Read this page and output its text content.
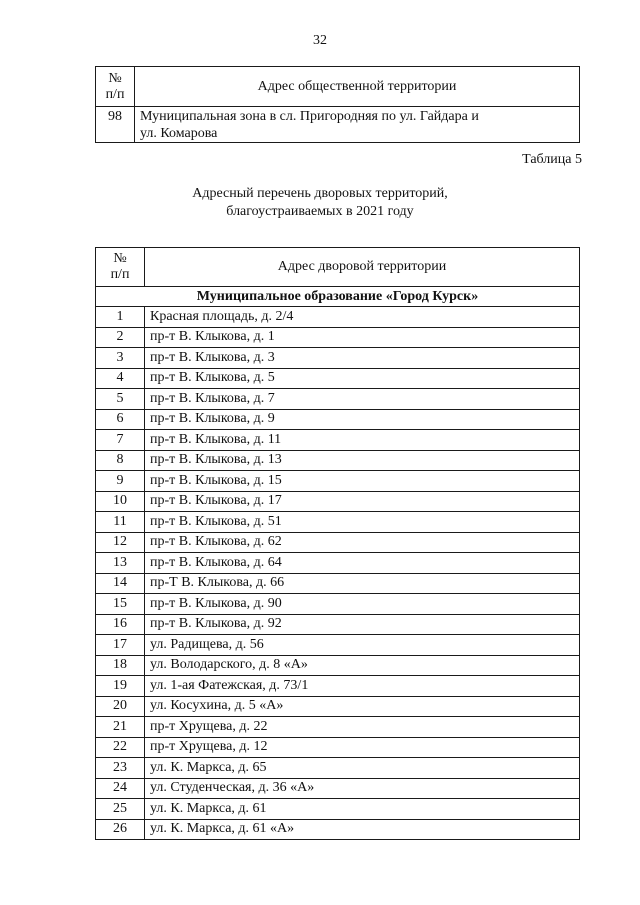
32
№
п/п	Адрес общественной территории
98	Муниципальная зона в сл. Пригородняя по ул. Гайдара и
ул. Комарова
Таблица 5
Адресный перечень дворовых территорий,
благоустраиваемых в 2021 году
№
п/п	Адрес дворовой территории
Муниципальное образование «Город Курск»	
1	Красная площадь, д. 2/4
2	пр-т В. Клыкова, д. 1
3	пр-т В. Клыкова, д. 3
4	пр-т В. Клыкова, д. 5
5	пр-т В. Клыкова, д. 7
6	пр-т В. Клыкова, д. 9
7	пр-т В. Клыкова, д. 11
8	пр-т В. Клыкова, д. 13
9	пр-т В. Клыкова, д. 15
10	пр-т В. Клыкова, д. 17
11	пр-т В. Клыкова, д. 51
12	пр-т В. Клыкова, д. 62
13	пр-т В. Клыкова, д. 64
14	пр-Т В. Клыкова, д. 66
15	пр-т В. Клыкова, д. 90
16	пр-т В. Клыкова, д. 92
17	ул. Радищева, д. 56
18	ул. Володарского, д. 8 «А»
19	ул. 1-ая Фатежская, д. 73/1
20	ул. Косухина, д. 5 «А»
21	пр-т Хрущева, д. 22
22	пр-т Хрущева, д. 12
23	ул. К. Маркса, д. 65
24	ул. Студенческая, д. 36 «А»
25	ул. К. Маркса, д. 61
26	ул. К. Маркса, д. 61 «А»
